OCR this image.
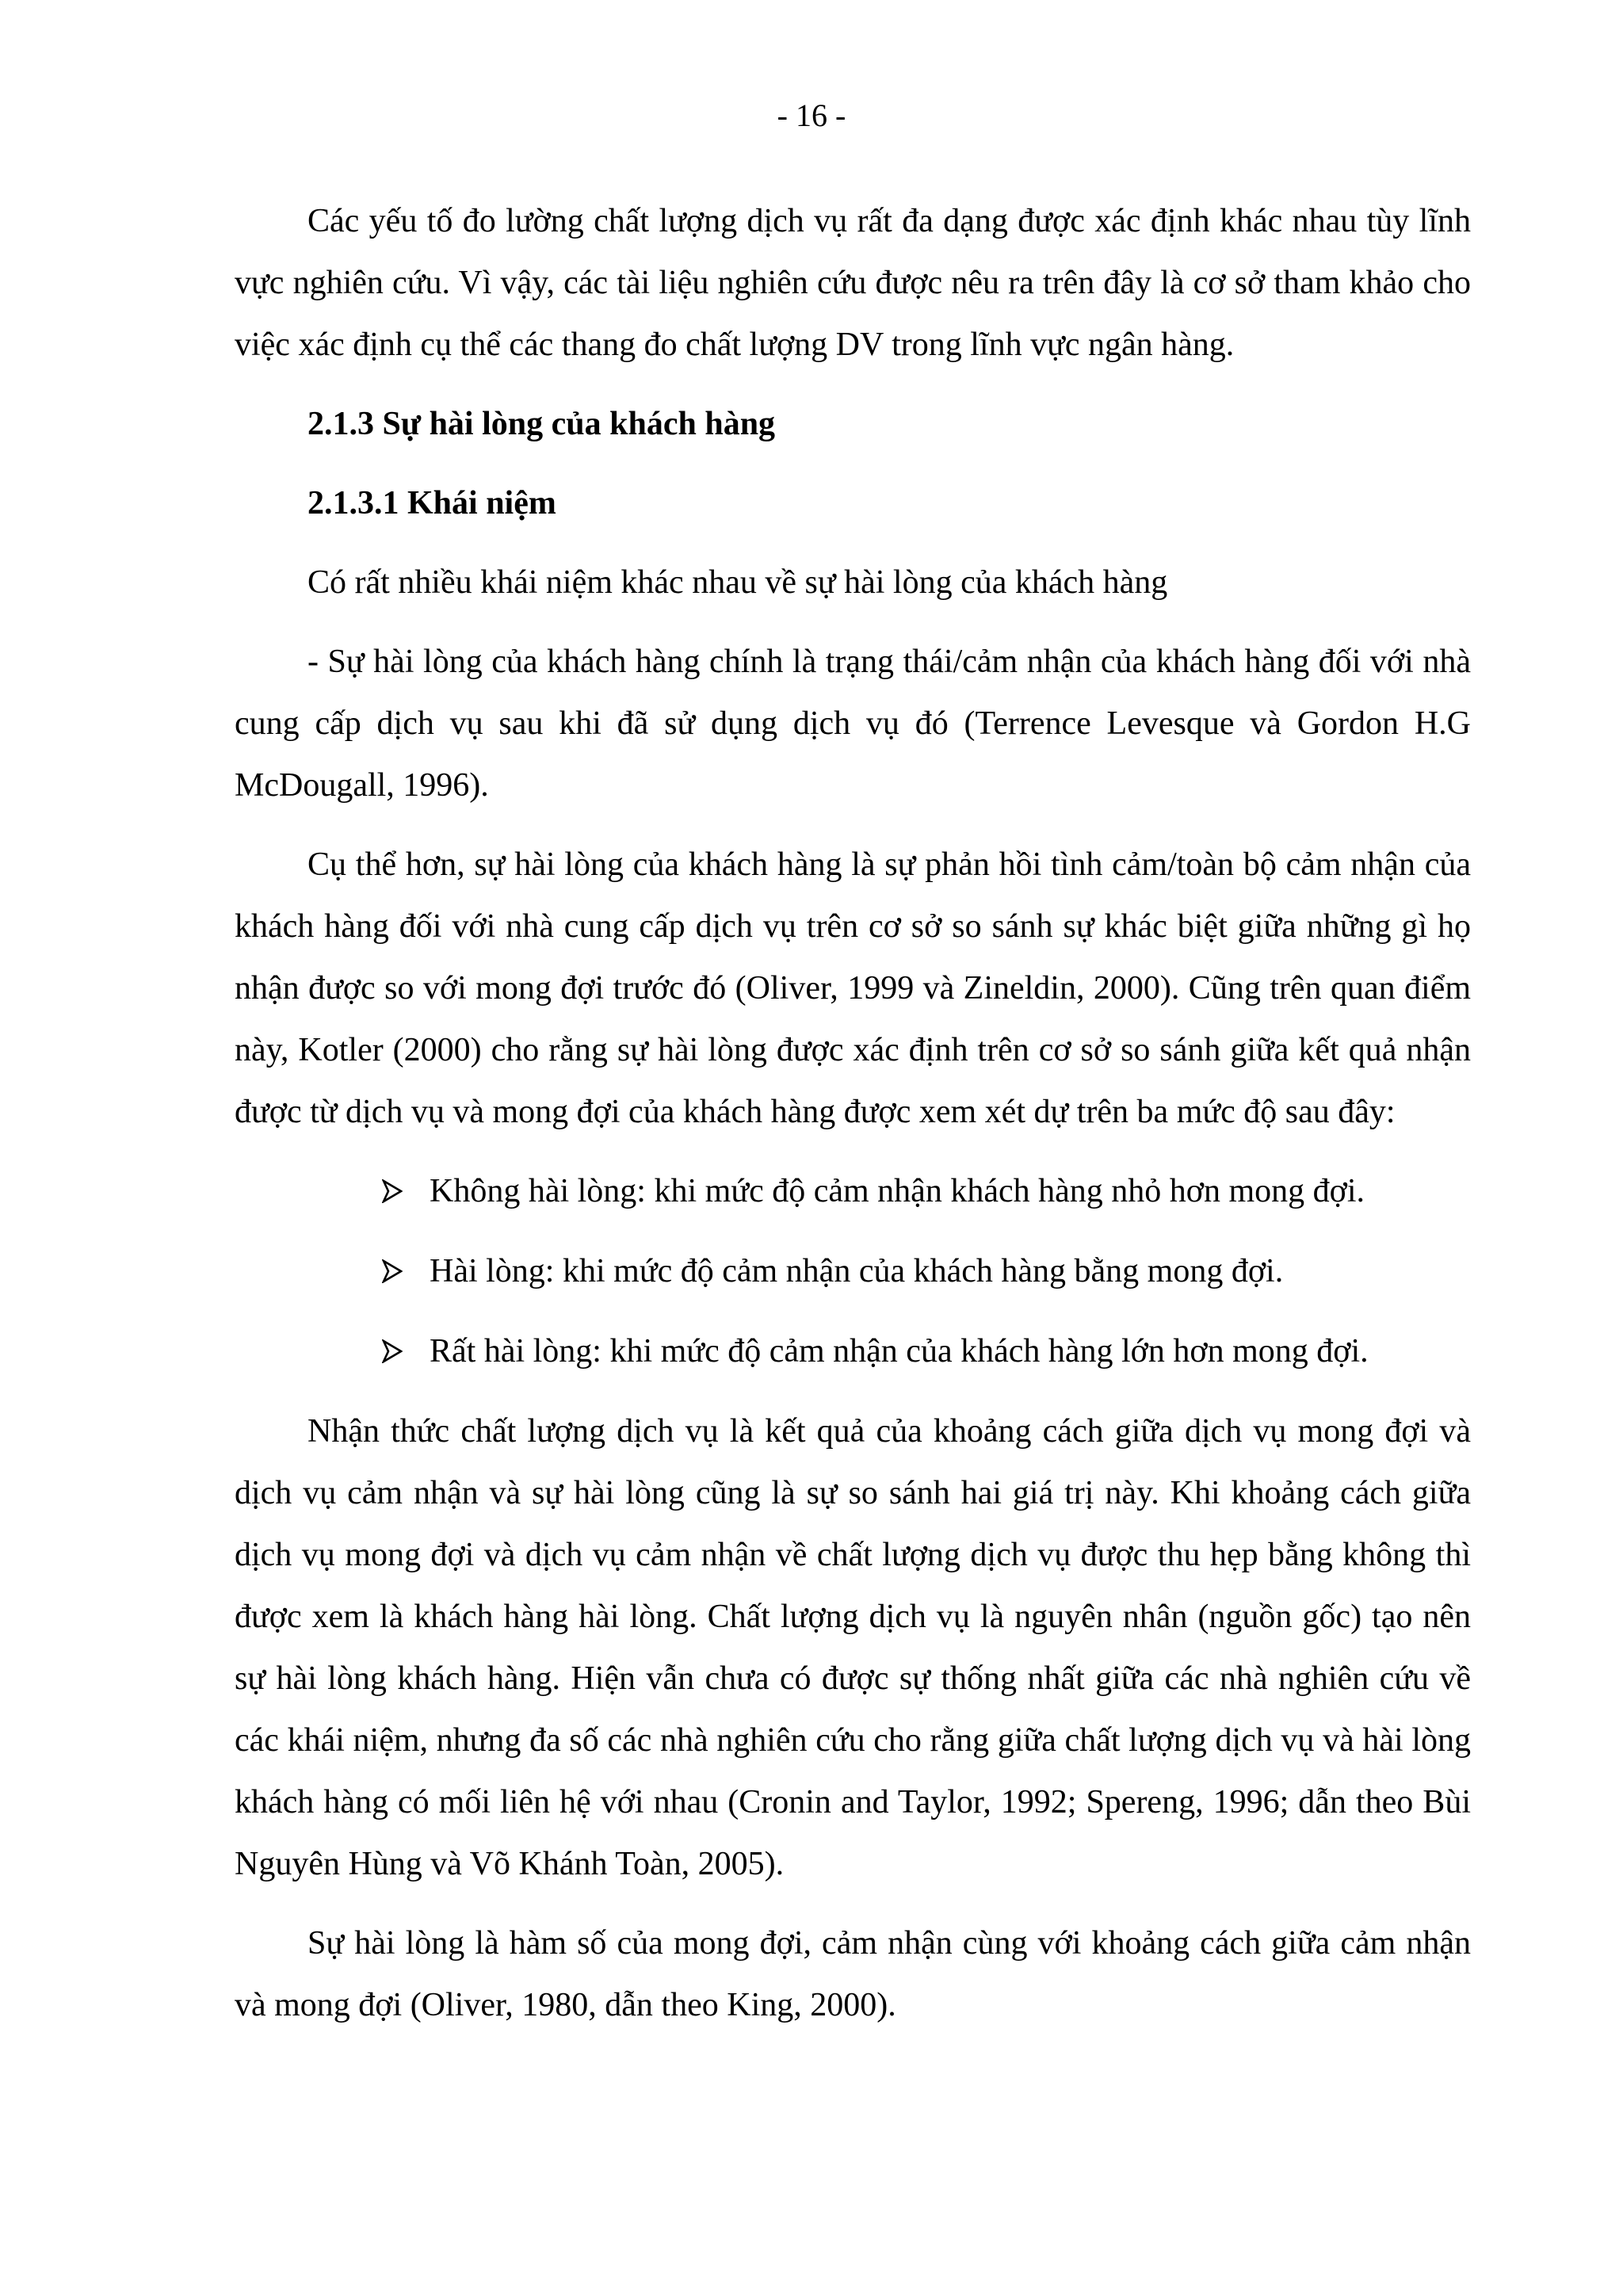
- 16 -

Các yếu tố đo lường chất lượng dịch vụ rất đa dạng được xác định khác nhau tùy lĩnh vực nghiên cứu. Vì vậy, các tài liệu nghiên cứu được nêu ra trên đây là cơ sở tham khảo cho việc xác định cụ thể các thang đo chất lượng DV trong lĩnh vực ngân hàng.

2.1.3 Sự hài lòng của khách hàng
2.1.3.1 Khái niệm

Có rất nhiều khái niệm khác nhau về sự hài lòng của khách hàng

- Sự hài lòng của khách hàng chính là trạng thái/cảm nhận của khách hàng đối với nhà cung cấp dịch vụ sau khi đã sử dụng dịch vụ đó (Terrence Levesque và Gordon H.G McDougall, 1996).

Cụ thể hơn, sự hài lòng của khách hàng là sự phản hồi tình cảm/toàn bộ cảm nhận của khách hàng đối với nhà cung cấp dịch vụ trên cơ sở so sánh sự khác biệt giữa những gì họ nhận được so với mong đợi trước đó (Oliver, 1999 và Zineldin, 2000). Cũng trên quan điểm này, Kotler (2000) cho rằng sự hài lòng được xác định trên cơ sở so sánh giữa kết quả nhận được từ dịch vụ và mong đợi của khách hàng được xem xét dự trên ba mức độ sau đây:

Không hài lòng: khi mức độ cảm nhận khách hàng nhỏ hơn mong đợi.
Hài lòng: khi mức độ cảm nhận của khách hàng bằng mong đợi.
Rất hài lòng: khi mức độ cảm nhận của khách hàng lớn hơn mong đợi.

Nhận thức chất lượng dịch vụ là kết quả của khoảng cách giữa dịch vụ mong đợi và dịch vụ cảm nhận và sự hài lòng cũng là sự so sánh hai giá trị này. Khi khoảng cách giữa dịch vụ mong đợi và dịch vụ cảm nhận về chất lượng dịch vụ được thu hẹp bằng không thì được xem là khách hàng hài lòng. Chất lượng dịch vụ là nguyên nhân (nguồn gốc) tạo nên sự hài lòng khách hàng. Hiện vẫn chưa có được sự thống nhất giữa các nhà nghiên cứu về các khái niệm, nhưng đa số các nhà nghiên cứu cho rằng giữa chất lượng dịch vụ và hài lòng khách hàng có mối liên hệ với nhau (Cronin and Taylor, 1992; Spereng, 1996; dẫn theo Bùi Nguyên Hùng và Võ Khánh Toàn, 2005).

Sự hài lòng là hàm số của mong đợi, cảm nhận cùng với khoảng cách giữa cảm nhận và mong đợi (Oliver, 1980, dẫn theo King, 2000).
